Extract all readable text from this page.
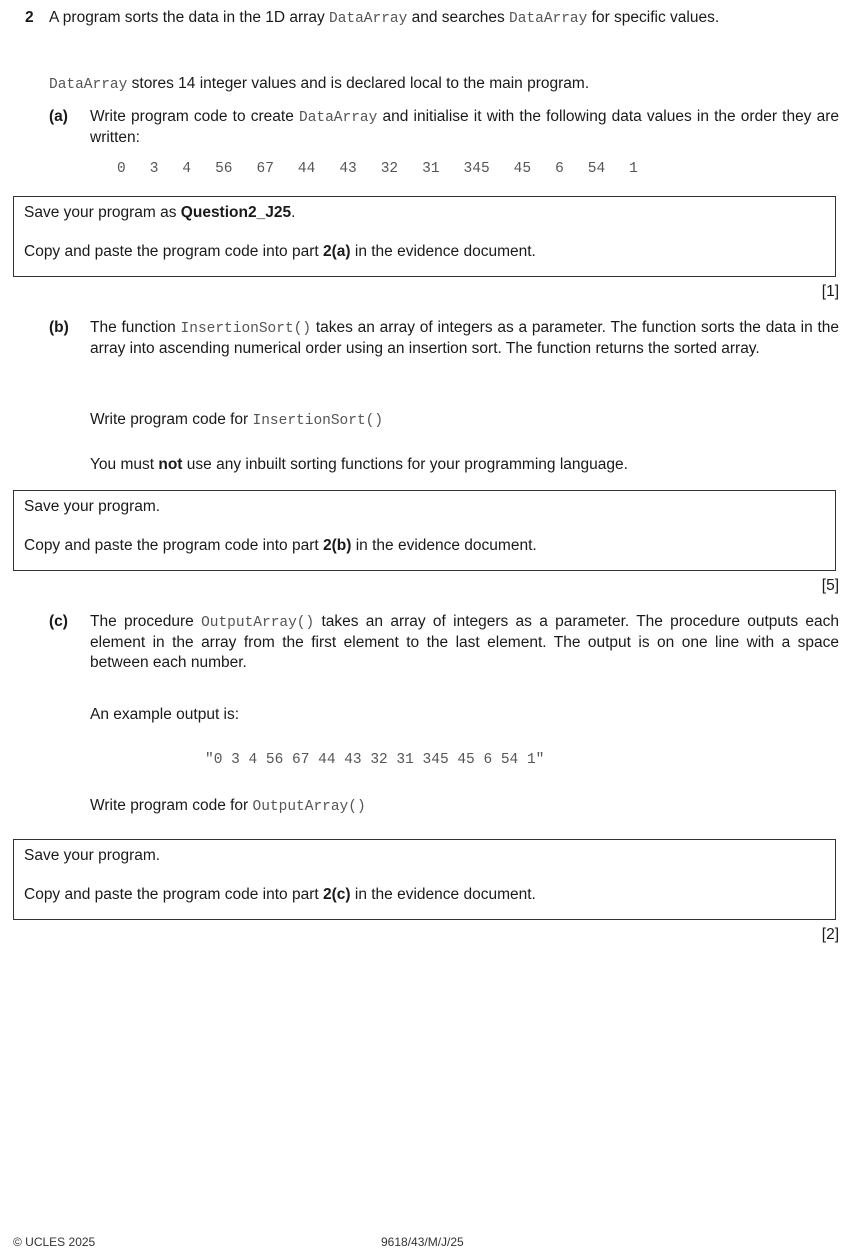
2 A program sorts the data in the 1D array DataArray and searches DataArray for specific values.
DataArray stores 14 integer values and is declared local to the main program.
(a) Write program code to create DataArray and initialise it with the following data values in the order they are written:
0 3 4 56 67 44 43 32 31 345 45 6 54 1

Save your program as Question2_J25.

Copy and paste the program code into part 2(a) in the evidence document.

[1]
(b) The function InsertionSort() takes an array of integers as a parameter. The function sorts the data in the array into ascending numerical order using an insertion sort. The function returns the sorted array.
Write program code for InsertionSort()
You must not use any inbuilt sorting functions for your programming language.

Save your program.

Copy and paste the program code into part 2(b) in the evidence document.

[5]
(c) The procedure OutputArray() takes an array of integers as a parameter. The procedure outputs each element in the array from the first element to the last element. The output is on one line with a space between each number.
An example output is:
"0 3 4 56 67 44 43 32 31 345 45 6 54 1"
Write program code for OutputArray()

Save your program.

Copy and paste the program code into part 2(c) in the evidence document.

[2]
© UCLES 2025	9618/43/M/J/25
